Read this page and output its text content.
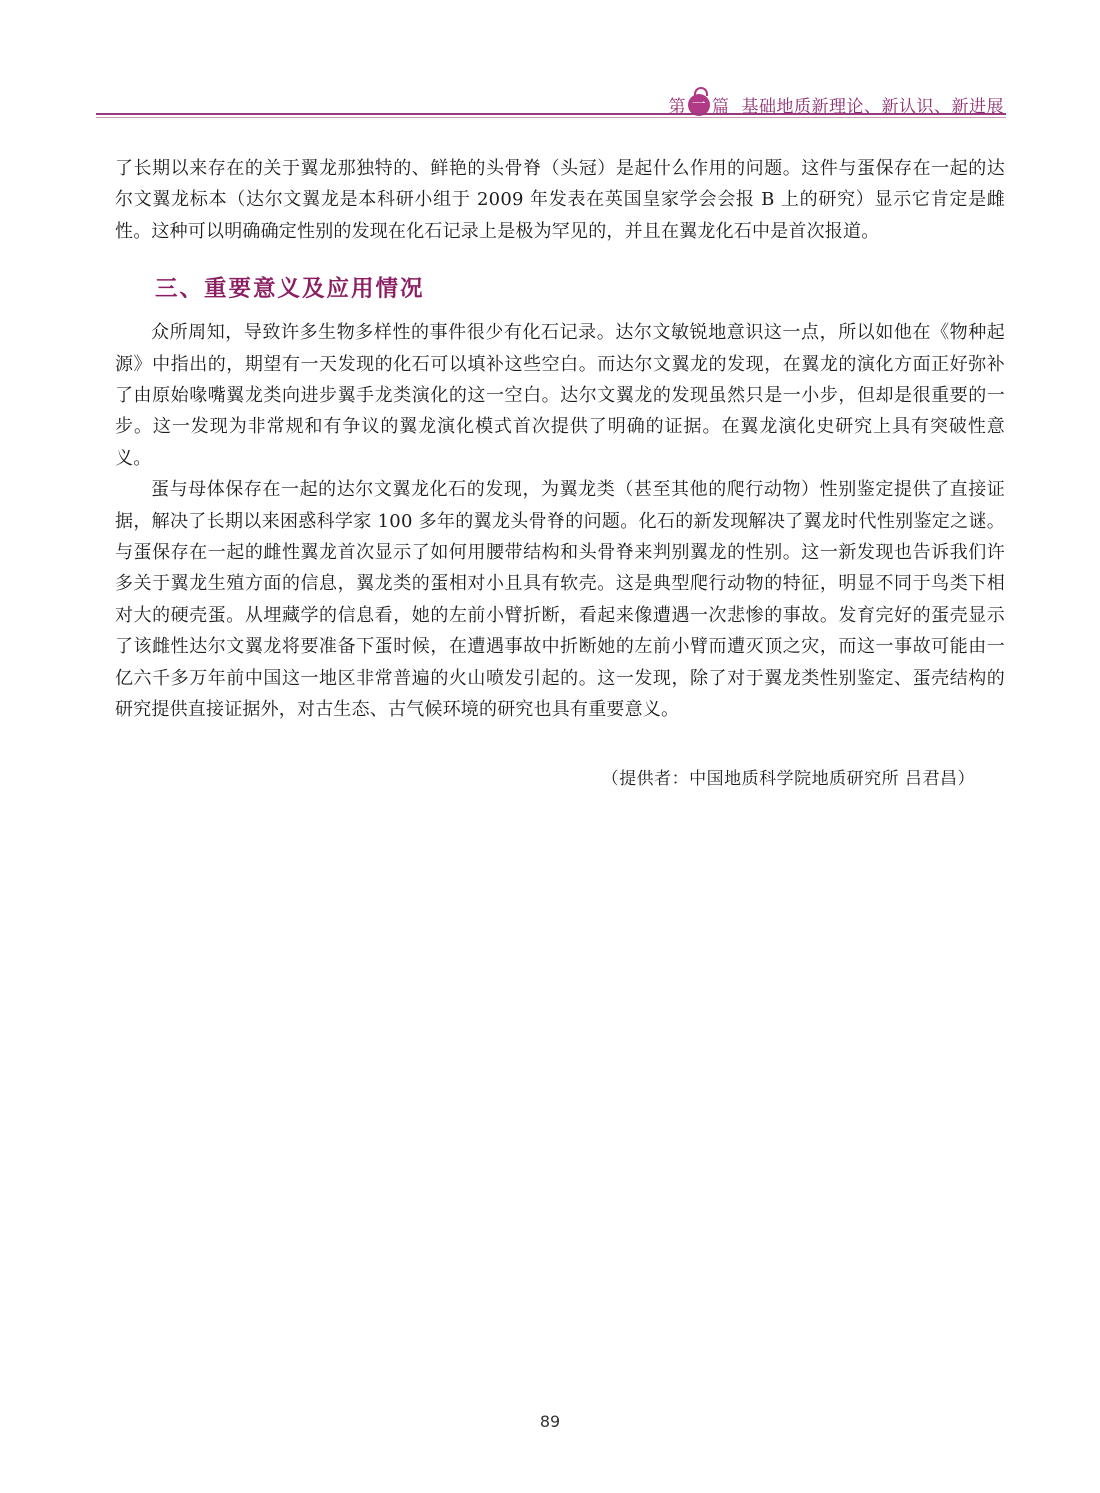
第 一 篇 基础地质新理论、新认识、新进展

了长期以来存在的关于翼龙那独特的、鲜艳的头骨脊（头冠）是起什么作用的问题。这件与蛋保存在一起的达尔文翼龙标本（达尔文翼龙是本科研小组于 2009 年发表在英国皇家学会会报 B 上的研究）显示它肯定是雌性。这种可以明确确定性别的发现在化石记录上是极为罕见的，并且在翼龙化石中是首次报道。

三、重要意义及应用情况

众所周知，导致许多生物多样性的事件很少有化石记录。达尔文敏锐地意识这一点，所以如他在《物种起源》中指出的，期望有一天发现的化石可以填补这些空白。而达尔文翼龙的发现，在翼龙的演化方面正好弥补了由原始喙嘴翼龙类向进步翼手龙类演化的这一空白。达尔文翼龙的发现虽然只是一小步，但却是很重要的一步。这一发现为非常规和有争议的翼龙演化模式首次提供了明确的证据。在翼龙演化史研究上具有突破性意义。

蛋与母体保存在一起的达尔文翼龙化石的发现，为翼龙类（甚至其他的爬行动物）性别鉴定提供了直接证据，解决了长期以来困惑科学家 100 多年的翼龙头骨脊的问题。化石的新发现解决了翼龙时代性别鉴定之谜。与蛋保存在一起的雌性翼龙首次显示了如何用腰带结构和头骨脊来判别翼龙的性别。这一新发现也告诉我们许多关于翼龙生殖方面的信息，翼龙类的蛋相对小且具有软壳。这是典型爬行动物的特征，明显不同于鸟类下相对大的硬壳蛋。从埋藏学的信息看，她的左前小臂折断，看起来像遭遇一次悲惨的事故。发育完好的蛋壳显示了该雌性达尔文翼龙将要准备下蛋时候，在遭遇事故中折断她的左前小臂而遭灭顶之灾，而这一事故可能由一亿六千多万年前中国这一地区非常普遍的火山喷发引起的。这一发现，除了对于翼龙类性别鉴定、蛋壳结构的研究提供直接证据外，对古生态、古气候环境的研究也具有重要意义。

（提供者：中国地质科学院地质研究所 吕君昌）
89
